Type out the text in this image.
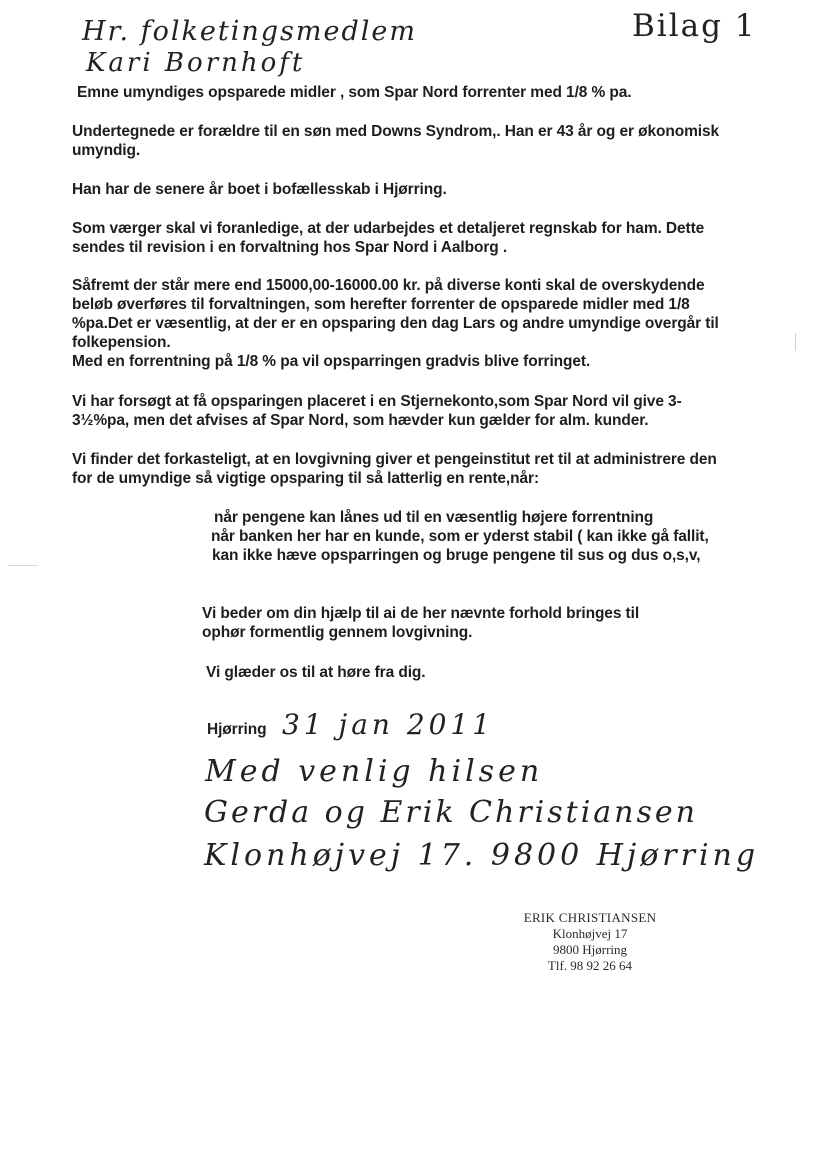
Hr. folketingsmedlem
Kari Bornhoft
Bilag 1
Emne umyndiges opsparede midler , som Spar Nord forrenter med 1/8 % pa.
Undertegnede er forældre til en søn med Downs Syndrom,. Han er 43 år og er økonomisk umyndig.
Han har de senere år boet i bofællesskab i Hjørring.
Som værger skal vi foranledige, at der udarbejdes et detaljeret regnskab for ham. Dette sendes til revision i en forvaltning hos Spar Nord i Aalborg .
Såfremt der står mere end 15000,00-16000.00 kr. på diverse konti skal de overskydende beløb øverføres til forvaltningen, som herefter forrenter de opsparede midler med 1/8 %pa.Det er væsentlig, at der er en opsparing den dag Lars og andre umyndige overgår til folkepension.
Med en forrentning på 1/8 % pa vil opsparringen gradvis blive forringet.
Vi har forsøgt at få opsparingen placeret i en Stjernekonto,som Spar Nord vil give 3-3½%pa, men det afvises af Spar Nord, som hævder kun gælder for alm. kunder.
Vi finder det forkasteligt, at en lovgivning giver et pengeinstitut ret til at administrere den for de umyndige så vigtige opsparing til så latterlig en rente,når:
når pengene kan lånes ud til en væsentlig højere forrentning
når banken her har en kunde, som er yderst stabil ( kan ikke gå fallit,
kan ikke hæve opsparringen og bruge pengene til sus og dus o,s,v,
Vi beder om din hjælp til ai de her nævnte forhold bringes til ophør formentlig gennem lovgivning.
Vi glæder os til at høre fra dig.
Hjørring 31 jan 2011
Med venlig hilsen
Gerda og Erik Christiansen
Klonhøjvej 17. 9800 Hjørring
ERIK CHRISTIANSEN
Klonhøjvej 17
9800 Hjørring
Tlf. 98 92 26 64
